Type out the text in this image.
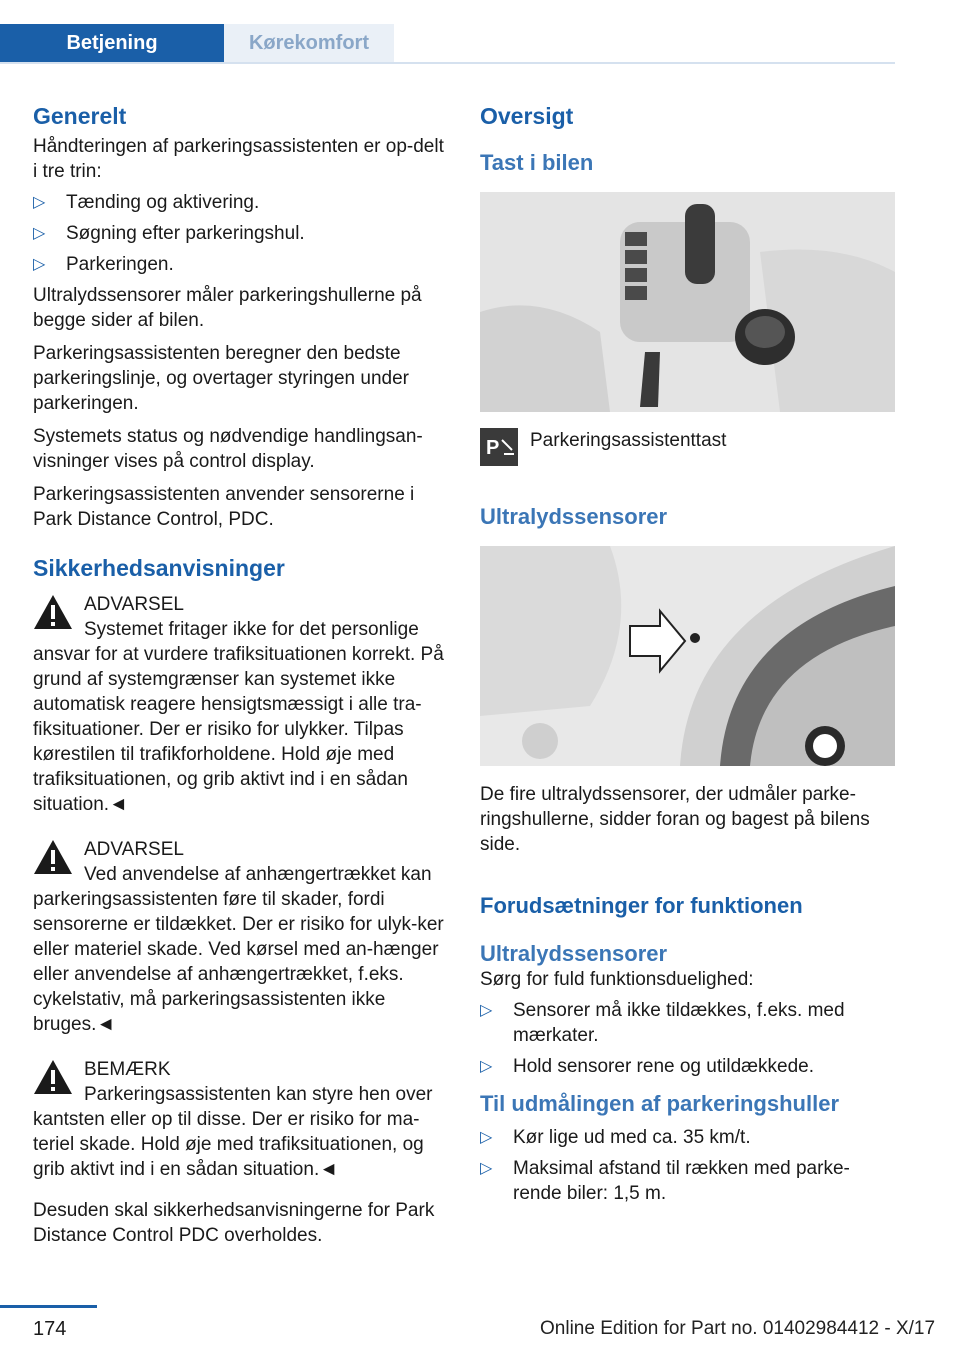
Betjening	Kørekomfort
Generelt

Håndteringen af parkeringsassistenten er op-delt i tre trin:

▷ Tænding og aktivering.
▷ Søgning efter parkeringshul.
▷ Parkeringen.

Ultralydssensorer måler parkeringshullerne på begge sider af bilen.

Parkeringsassistenten beregner den bedste parkeringslinje, og overtager styringen under parkeringen.

Systemets status og nødvendige handlingsan-visninger vises på control display.

Parkeringsassistenten anvender sensorerne i Park Distance Control, PDC.

Sikkerhedsanvisninger
ADVARSEL

Systemet fritager ikke for det personlige ansvar for at vurdere trafiksituationen korrekt. På grund af systemgrænser kan systemet ikke automatisk reagere hensigtsmæssigt i alle tra-fiksituationer. Der er risiko for ulykker. Tilpas kørestilen til trafikforholdene. Hold øje med trafiksituationen, og grib aktivt ind i en sådan situation.◄

ADVARSEL

Ved anvendelse af anhængertrækket kan parkeringsassistenten føre til skader, fordi sensorerne er tildækket. Der er risiko for ulyk-ker eller materiel skade. Ved kørsel med an-hænger eller anvendelse af anhængertrækket, f.eks. cykelstativ, må parkeringsassistenten ikke bruges.◄

BEMÆRK

Parkeringsassistenten kan styre hen over kantsten eller op til disse. Der er risiko for ma-teriel skade. Hold øje med trafiksituationen, og grib aktivt ind i en sådan situation.◄

Desuden skal sikkerhedsanvisningerne for Park Distance Control PDC overholdes.

Oversigt
Tast i bilen
P Parkeringsassistenttast
Ultralydssensorer

De fire ultralydssensorer, der udmåler parke-ringshullerne, sidder foran og bagest på bilens side.

Forudsætninger for funktionen
Ultralydssensorer

Sørg for fuld funktionsduelighed:

▷ Sensorer må ikke tildækkes, f.eks. med mærkater.
▷ Hold sensorer rene og utildækkede.
Til udmålingen af parkeringshuller
▷ Kør lige ud med ca. 35 km/t.
▷ Maksimal afstand til rækken med parke-rende biler: 1,5 m.
174	Online Edition for Part no. 01402984412 - X/17
